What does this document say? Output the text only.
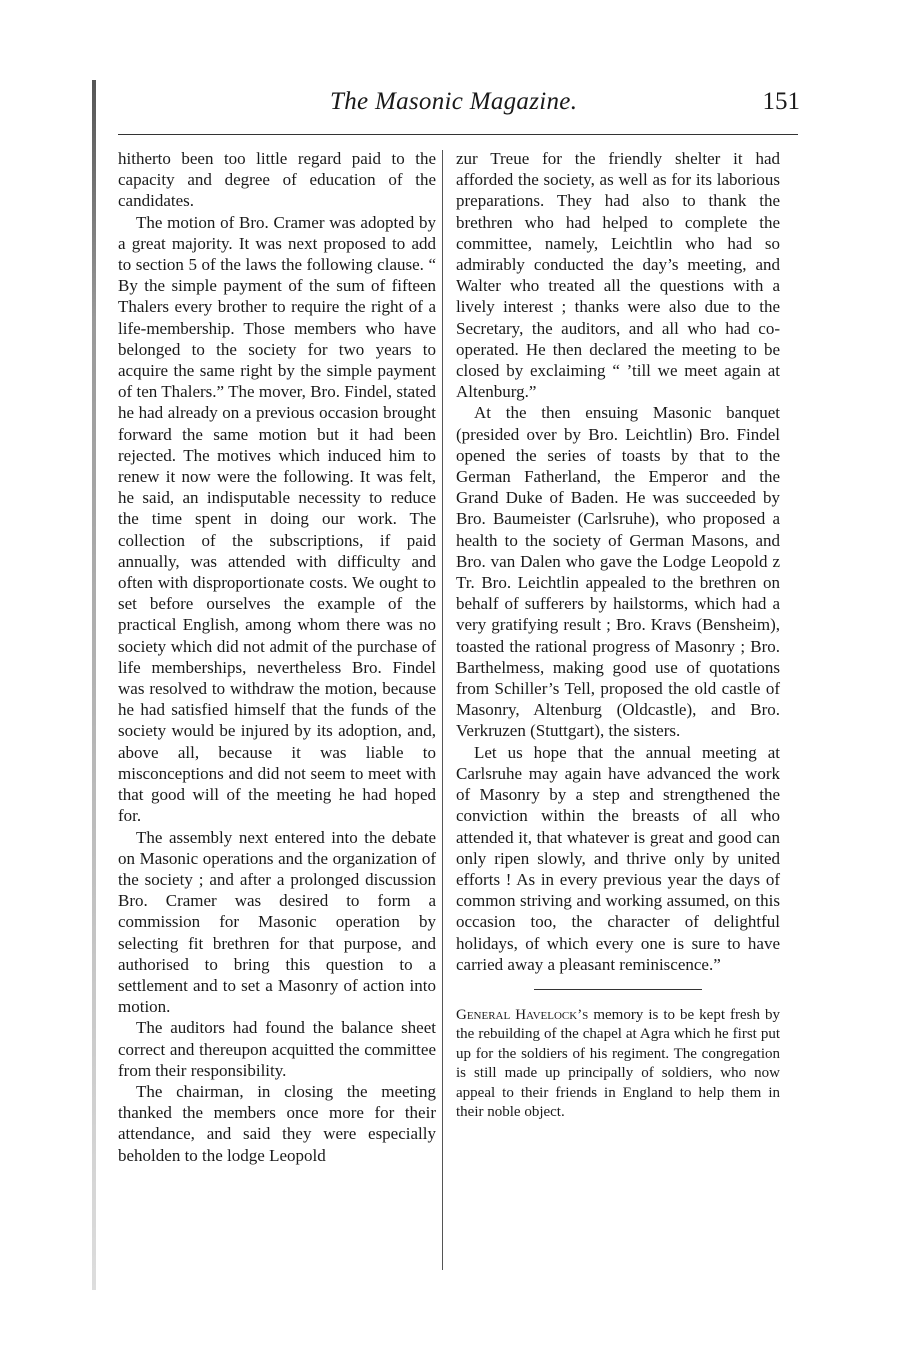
The Masonic Magazine.	151

hitherto been too little regard paid to the capacity and degree of education of the candidates.

The motion of Bro. Cramer was adopted by a great majority. It was next proposed to add to section 5 of the laws the following clause. “ By the simple payment of the sum of fifteen Thalers every brother to require the right of a life-membership. Those members who have belonged to the society for two years to acquire the same right by the simple payment of ten Thalers.” The mover, Bro. Findel, stated he had already on a previous occasion brought forward the same motion but it had been rejected. The motives which induced him to renew it now were the following. It was felt, he said, an indisputable necessity to reduce the time spent in doing our work. The collection of the subscriptions, if paid annually, was attended with difficulty and often with disproportionate costs. We ought to set before ourselves the example of the practical English, among whom there was no society which did not admit of the purchase of life memberships, nevertheless Bro. Findel was resolved to withdraw the motion, because he had satisfied himself that the funds of the society would be injured by its adoption, and, above all, because it was liable to misconceptions and did not seem to meet with that good will of the meeting he had hoped for.

The assembly next entered into the debate on Masonic operations and the organization of the society ; and after a prolonged discussion Bro. Cramer was desired to form a commission for Masonic operation by selecting fit brethren for that purpose, and authorised to bring this question to a settlement and to set a Masonry of action into motion.

The auditors had found the balance sheet correct and thereupon acquitted the committee from their responsibility.

The chairman, in closing the meeting thanked the members once more for their attendance, and said they were especially beholden to the lodge Leopold

zur Treue for the friendly shelter it had afforded the society, as well as for its laborious preparations. They had also to thank the brethren who had helped to complete the committee, namely, Leichtlin who had so admirably conducted the day’s meeting, and Walter who treated all the questions with a lively interest ; thanks were also due to the Secretary, the auditors, and all who had co-operated. He then declared the meeting to be closed by exclaiming “ ’till we meet again at Altenburg.”

At the then ensuing Masonic banquet (presided over by Bro. Leichtlin) Bro. Findel opened the series of toasts by that to the German Fatherland, the Emperor and the Grand Duke of Baden. He was succeeded by Bro. Baumeister (Carlsruhe), who proposed a health to the society of German Masons, and Bro. van Dalen who gave the Lodge Leopold z Tr. Bro. Leichtlin appealed to the brethren on behalf of sufferers by hailstorms, which had a very gratifying result ; Bro. Kravs (Bensheim), toasted the rational progress of Masonry ; Bro. Barthelmess, making good use of quotations from Schiller’s Tell, proposed the old castle of Masonry, Altenburg (Oldcastle), and Bro. Verkruzen (Stuttgart), the sisters.

Let us hope that the annual meeting at Carlsruhe may again have advanced the work of Masonry by a step and strengthened the conviction within the breasts of all who attended it, that whatever is great and good can only ripen slowly, and thrive only by united efforts ! As in every previous year the days of common striving and working assumed, on this occasion too, the character of delightful holidays, of which every one is sure to have carried away a pleasant reminiscence.”

General Havelock’s memory is to be kept fresh by the rebuilding of the chapel at Agra which he first put up for the soldiers of his regiment. The congregation is still made up principally of soldiers, who now appeal to their friends in England to help them in their noble object.
